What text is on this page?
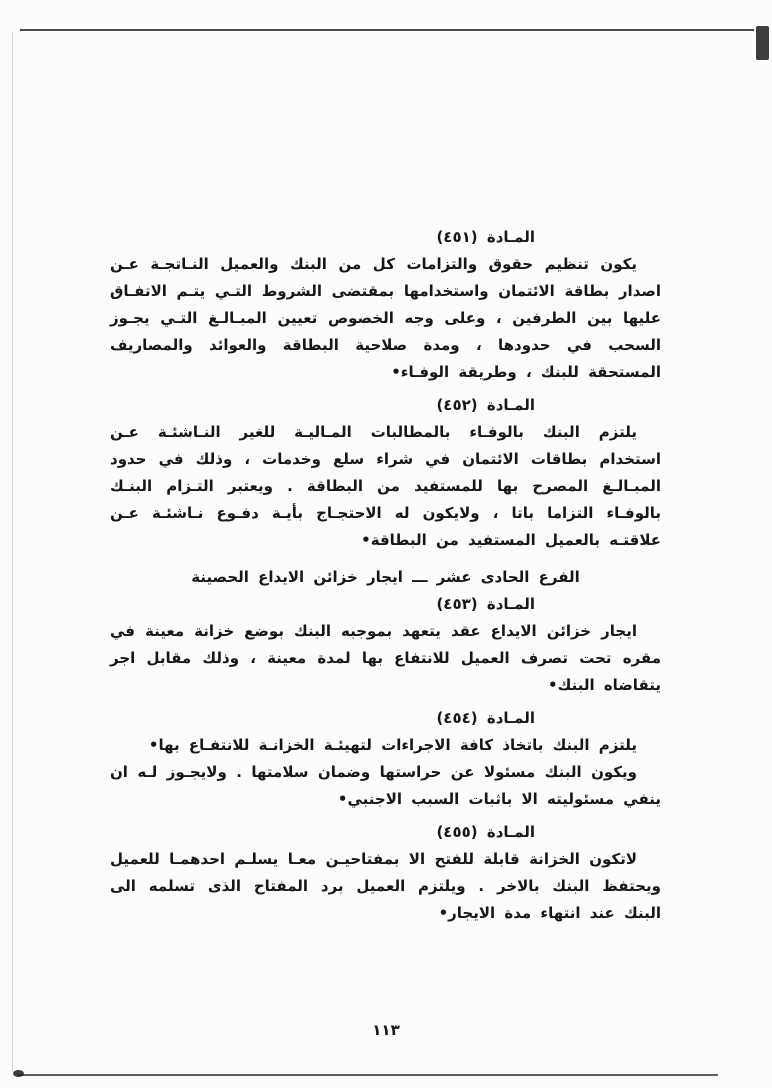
المـادة (٤٥١)

يكون تنظيم حقوق والتزامات كل من البنك والعميل النـاتجـة عـن اصدار بطاقة الائتمان واستخدامها بمقتضى الشروط التـي يتـم الاتفـاق عليها بين الطرفين ، وعلى وجه الخصوص تعيين المبـالـغ التـي يجـوز السحب في حدودها ، ومدة صلاحية البطاقة والعوائد والمصاريف المستحقة للبنك ، وطريقة الوفـاء•

المـادة (٤٥٢)

يلتزم البنك بالوفـاء بالمطالبات المـاليـة للغير النـاشئـة عـن استخدام بطاقات الائتمان في شراء سلع وخدمات ، وذلك في حدود المبـالـغ المصرح بها للمستفيد من البطاقة . ويعتبر التـزام البنـك بالوفـاء التزاما باتا ، ولايكون له الاحتجـاج بأيـة دفـوع نـاشئـة عـن علاقتـه بالعميل المستفيد من البطاقة•

الفرع الحادى عشر ـــ ايجار خزائن الايداع الحصينة
المـادة (٤٥٣)

ايجار خزائن الايداع عقد يتعهد بموجبه البنك بوضع خزانة معينة في مقره تحت تصرف العميل للانتفاع بها لمدة معينة ، وذلك مقابل اجر يتقاضاه البنك•

المـادة (٤٥٤)

يلتزم البنك باتخاذ كافة الاجراءات لتهيئـة الخزانـة للانتفـاع بها•

ويكون البنك مسئولا عن حراستها وضمان سلامتها . ولايجـوز لـه ان ينفي مسئوليته الا باثبات السبب الاجنبي•

المـادة (٤٥٥)

لاتكون الخزانة قابلة للفتح الا بمفتاحيـن معـا يسلـم احدهمـا للعميل ويحتفظ البنك بالاخر . ويلتزم العميل برد المفتاح الذى تسلمه الى البنك عند انتهاء مدة الايجار•

١١٣
